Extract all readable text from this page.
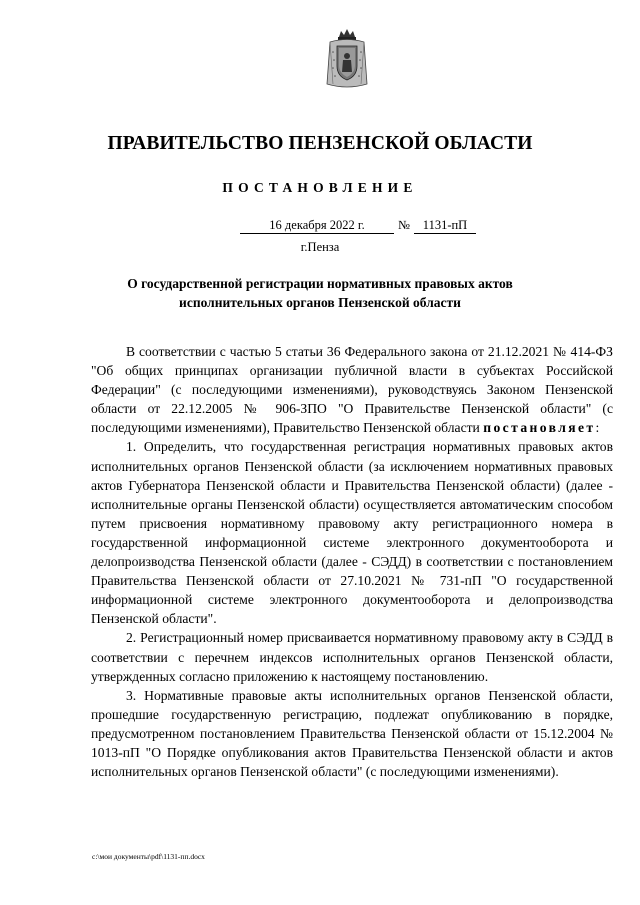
ПРАВИТЕЛЬСТВО ПЕНЗЕНСКОЙ ОБЛАСТИ
ПОСТАНОВЛЕНИЕ
16 декабря 2022 г.	№	1131-пП
г.Пенза
О государственной регистрации нормативных правовых актов
исполнительных органов Пензенской области

В соответствии с частью 5 статьи 36 Федерального закона от 21.12.2021 № 414-ФЗ "Об общих принципах организации публичной власти в субъектах Российской Федерации" (с последующими изменениями), руководствуясь Законом Пензенской области от 22.12.2005 № 906-ЗПО "О Правительстве Пензенской области" (с последующими изменениями), Правительство Пензенской области постановляет:

1. Определить, что государственная регистрация нормативных правовых актов исполнительных органов Пензенской области (за исключением нормативных правовых актов Губернатора Пензенской области и Правительства Пензенской области) (далее - исполнительные органы Пензенской области) осуществляется автоматическим способом путем присвоения нормативному правовому акту регистрационного номера в государственной информационной системе электронного документооборота и делопроизводства Пензенской области (далее - СЭДД) в соответствии с постановлением Правительства Пензенской области от 27.10.2021 № 731-пП "О государственной информационной системе электронного документооборота и делопроизводства Пензенской области".

2. Регистрационный номер присваивается нормативному правовому акту в СЭДД в соответствии с перечнем индексов исполнительных органов Пензенской области, утвержденных согласно приложению к настоящему постановлению.

3. Нормативные правовые акты исполнительных органов Пензенской области, прошедшие государственную регистрацию, подлежат опубликованию в порядке, предусмотренном постановлением Правительства Пензенской области от 15.12.2004 № 1013-пП "О Порядке опубликования актов Правительства Пензенской области и актов исполнительных органов Пензенской области" (с последующими изменениями).

c:\мои документы\pdf\1131-пп.docx
